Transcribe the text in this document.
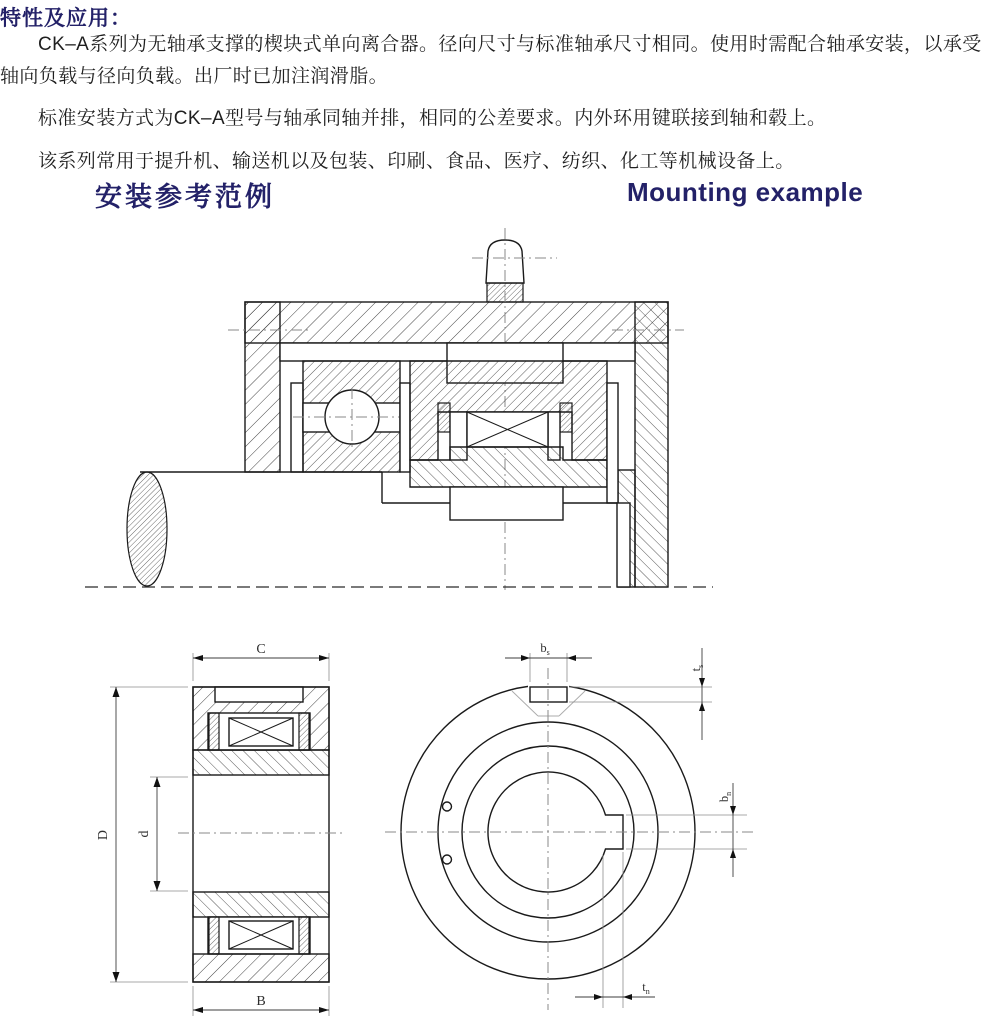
特性及应用：

CK–A系列为无轴承支撑的楔块式单向离合器。径向尺寸与标准轴承尺寸相同。使用时需配合轴承安装，以承受轴向负载与径向负载。出厂时已加注润滑脂。

标准安装方式为CK–A型号与轴承同轴并排，相同的公差要求。内外环用键联接到轴和毂上。

该系列常用于提升机、输送机以及包装、印刷、食品、医疗、纺织、化工等机械设备上。

安装参考范例	Mounting example
C
D d
B
$b_s$
$t_s$
$b_n$
$t_n$
